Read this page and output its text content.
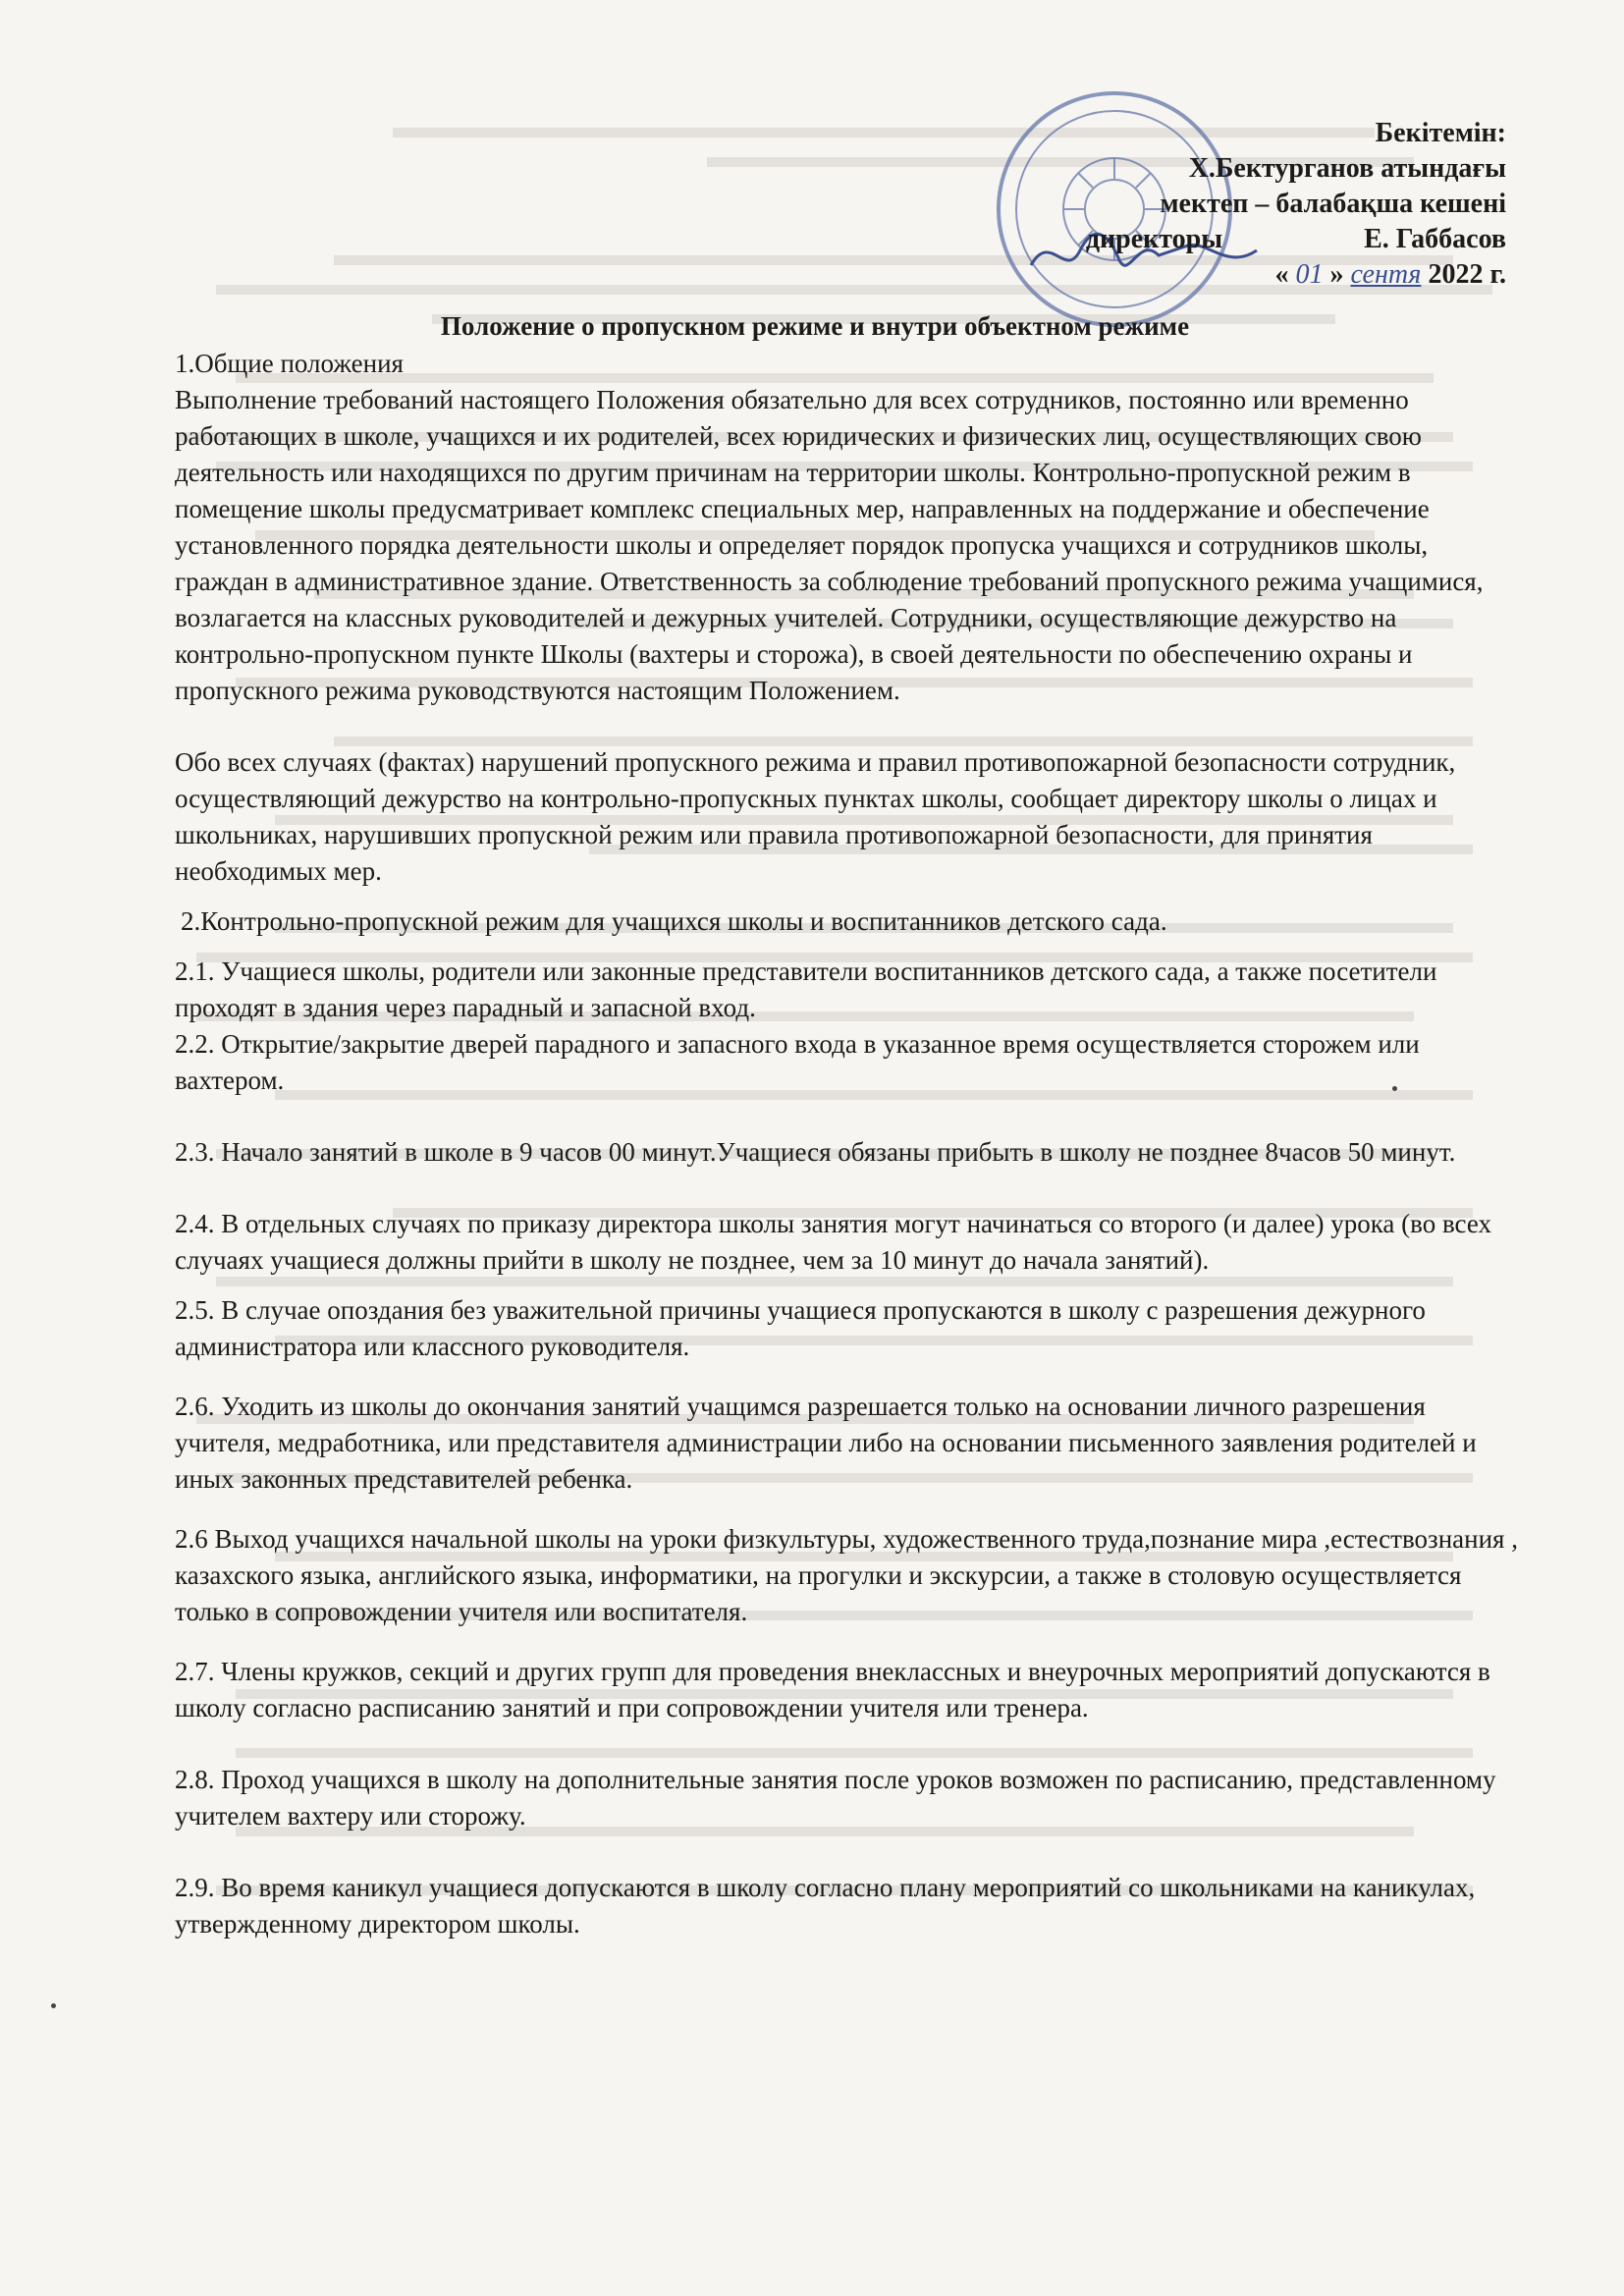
Бекітемін:
Х.Бектурганов атындағы
мектеп – балабақша кешені
директоры	Е. Габбасов
« 01 » сентя 2022 г.
Положение о пропускном режиме и внутри объектном режиме

1.Общие положения

Выполнение требований настоящего Положения обязательно для всех сотрудников, постоянно или временно работающих в школе, учащихся и их родителей, всех юридических и физических лиц, осуществляющих свою деятельность или находящихся по другим причинам на территории школы. Контрольно-пропускной режим в помещение школы предусматривает комплекс специальных мер, направленных на поддержание и обеспечение установленного порядка деятельности школы и определяет порядок пропуска учащихся и сотрудников школы, граждан в административное здание. Ответственность за соблюдение требований пропускного режима учащимися, возлагается на классных руководителей и дежурных учителей. Сотрудники, осуществляющие дежурство на контрольно-пропускном пункте Школы (вахтеры и сторожа), в своей деятельности по обеспечению охраны и пропускного режима руководствуются настоящим Положением.

Обо всех случаях (фактах) нарушений пропускного режима и правил противопожарной безопасности сотрудник, осуществляющий дежурство на контрольно-пропускных пунктах школы, сообщает директору школы о лицах и школьниках, нарушивших пропускной режим или правила противопожарной безопасности, для принятия необходимых мер.

2.Контрольно-пропускной режим для учащихся школы и воспитанников детского сада.

2.1. Учащиеся школы, родители или законные представители воспитанников детского сада, а также посетители проходят в здания через парадный и запасной вход.

2.2. Открытие/закрытие дверей парадного и запасного входа в указанное время осуществляется сторожем или вахтером.

2.3. Начало занятий в школе в 9 часов 00 минут.Учащиеся обязаны прибыть в школу не позднее 8часов 50 минут.

2.4. В отдельных случаях по приказу директора школы занятия могут начинаться со второго (и далее) урока (во всех случаях учащиеся должны прийти в школу не позднее, чем за 10 минут до начала занятий).

2.5. В случае опоздания без уважительной причины учащиеся пропускаются в школу с разрешения дежурного администратора или классного руководителя.

2.6. Уходить из школы до окончания занятий учащимся разрешается только на основании личного разрешения учителя, медработника, или представителя администрации либо на основании письменного заявления родителей и иных законных представителей ребенка.

2.6 Выход учащихся начальной школы на уроки физкультуры, художественного труда,познание мира ,естествознания , казахского языка, английского языка, информатики, на прогулки и экскурсии, а также в столовую осуществляется только в сопровождении учителя или воспитателя.

2.7. Члены кружков, секций и других групп для проведения внеклассных и внеурочных мероприятий допускаются в школу согласно расписанию занятий и при сопровождении учителя или тренера.

2.8. Проход учащихся в школу на дополнительные занятия после уроков возможен по расписанию, представленному учителем вахтеру или сторожу.

2.9. Во время каникул учащиеся допускаются в школу согласно плану мероприятий со школьниками на каникулах, утвержденному директором школы.
